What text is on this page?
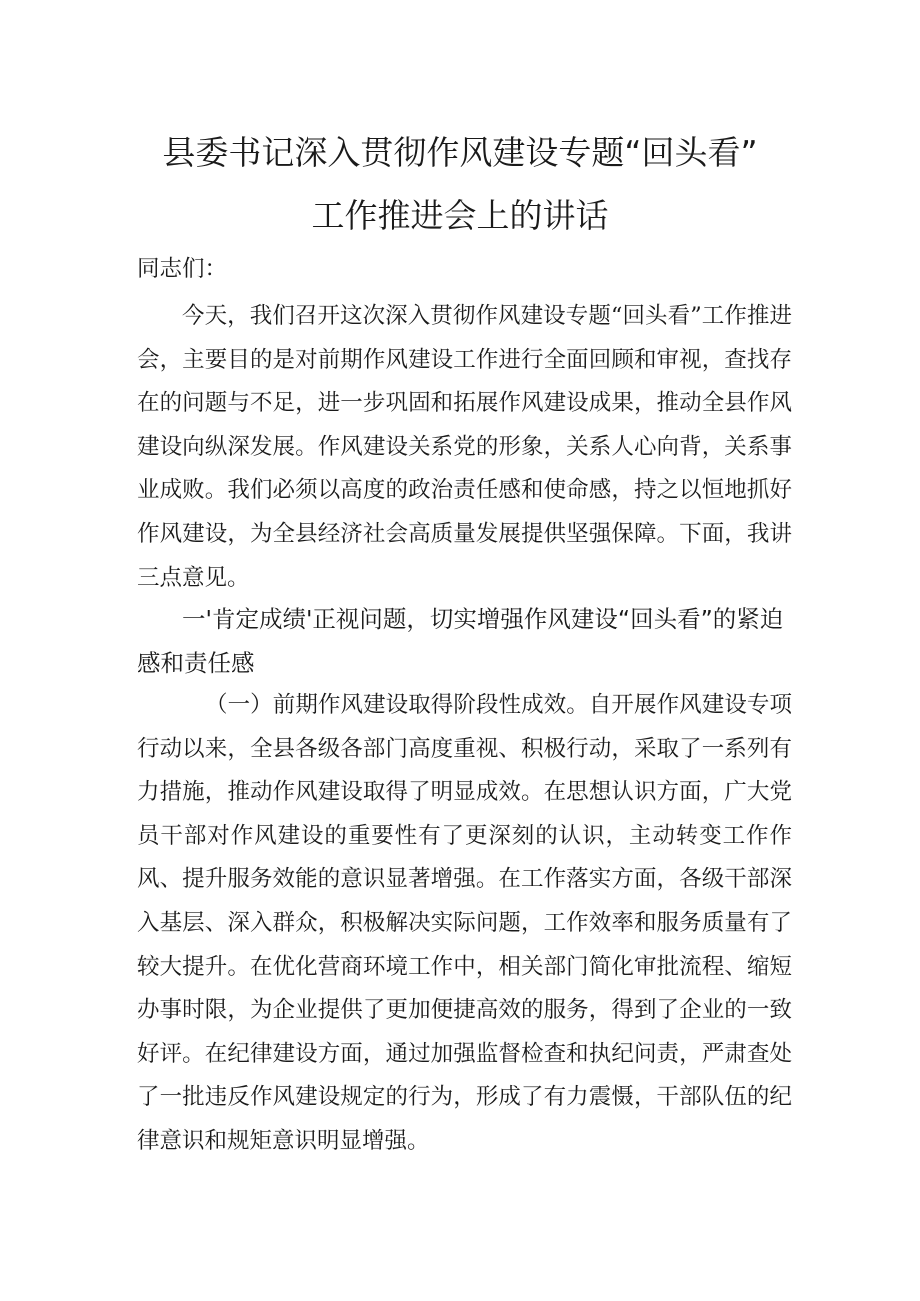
县委书记深入贯彻作风建设专题“回头看”
工作推进会上的讲话

同志们：

今天，我们召开这次深入贯彻作风建设专题“回头看”工作推进会，主要目的是对前期作风建设工作进行全面回顾和审视，查找存在的问题与不足，进一步巩固和拓展作风建设成果，推动全县作风建设向纵深发展。作风建设关系党的形象，关系人心向背，关系事业成败。我们必须以高度的政治责任感和使命感，持之以恒地抓好作风建设，为全县经济社会高质量发展提供坚强保障。下面，我讲三点意见。

一'肯定成绩'正视问题，切实增强作风建设“回头看”的紧迫感和责任感

（一）前期作风建设取得阶段性成效。自开展作风建设专项行动以来，全县各级各部门高度重视、积极行动，采取了一系列有力措施，推动作风建设取得了明显成效。在思想认识方面，广大党员干部对作风建设的重要性有了更深刻的认识，主动转变工作作风、提升服务效能的意识显著增强。在工作落实方面，各级干部深入基层、深入群众，积极解决实际问题，工作效率和服务质量有了较大提升。在优化营商环境工作中，相关部门简化审批流程、缩短办事时限，为企业提供了更加便捷高效的服务，得到了企业的一致好评。在纪律建设方面，通过加强监督检查和执纪问责，严肃查处了一批违反作风建设规定的行为，形成了有力震慑，干部队伍的纪律意识和规矩意识明显增强。
